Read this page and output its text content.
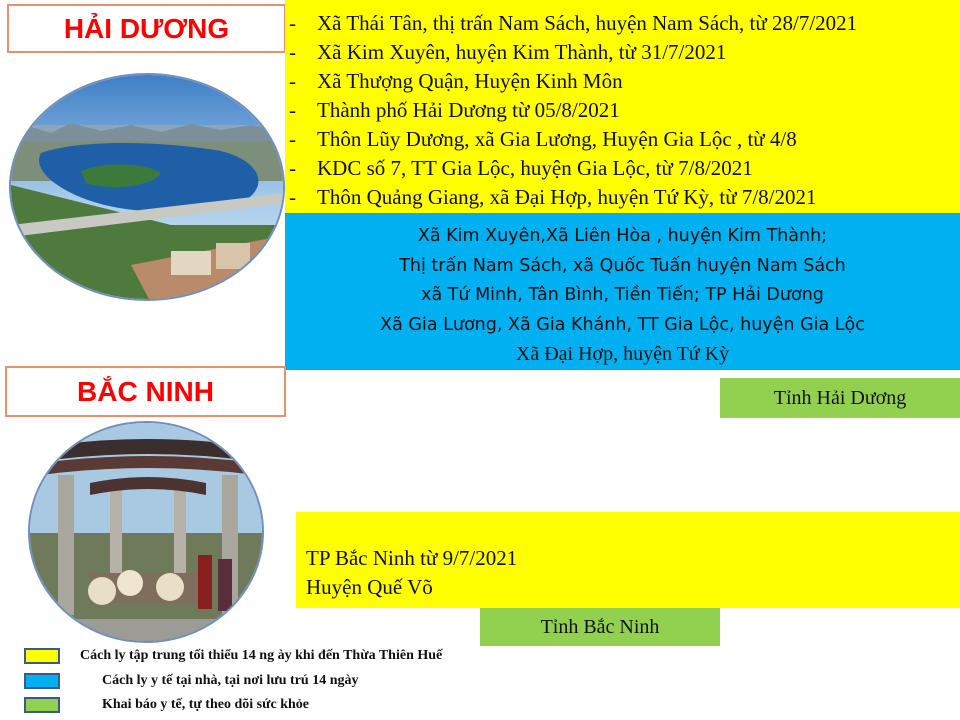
HẢI DƯƠNG	- Xã Thái Tân, thị trấn Nam Sách, huyện Nam Sách, từ 28/7/2021
- Xã Kim Xuyên, huyện Kim Thành, từ 31/7/2021
- Xã Thượng Quận, Huyện Kinh Môn
- Thành phố Hải Dương từ 05/8/2021
- Thôn Lũy Dương, xã Gia Lương, Huyện Gia Lộc , từ 4/8
- KDC số 7, TT Gia Lộc, huyện Gia Lộc, từ 7/8/2021
- Thôn Quảng Giang, xã Đại Hợp, huyện Tứ Kỳ, từ 7/8/2021
Xã Kim Xuyên,Xã Liên Hòa , huyện Kim Thành;
Thị trấn Nam Sách, xã Quốc Tuấn huyện Nam Sách
xã Tứ Minh, Tân Bình, Tiền Tiến; TP Hải Dương
Xã Gia Lương, Xã Gia Khánh, TT Gia Lộc, huyện Gia Lộc
Xã Đại Hợp, huyện Tứ Kỳ
Tỉnh Hải Dương
BẮC NINH
TP Bắc Ninh từ 9/7/2021
Huyện Quế Võ
Tỉnh Bắc Ninh
Cách ly tập trung tối thiểu 14 ng ày khi đến Thừa Thiên Huế
Cách ly y tế tại nhà, tại nơi lưu trú 14 ngày
Khai báo y tế, tự theo dõi sức khỏe
